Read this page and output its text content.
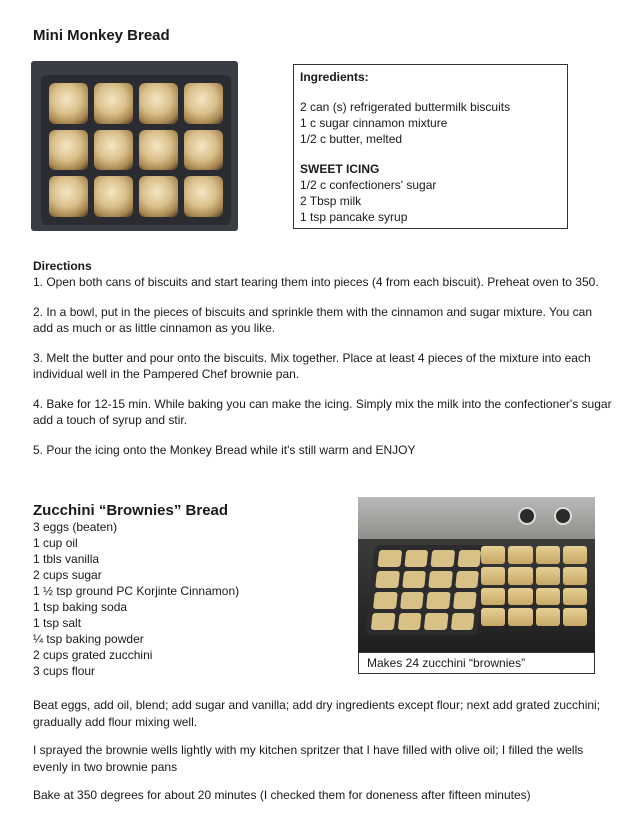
Mini Monkey Bread
Ingredients:
2 can (s) refrigerated buttermilk biscuits
1 c sugar cinnamon mixture
1/2 c butter, melted
SWEET ICING
1/2 c confectioners' sugar
2 Tbsp milk
1 tsp pancake syrup
Directions

1. Open both cans of biscuits and start tearing them into pieces (4 from each biscuit). Preheat oven to 350.

2. In a bowl, put in the pieces of biscuits and sprinkle them with the cinnamon and sugar mixture. You can add as much or as little cinnamon as you like.

3. Melt the butter and pour onto the biscuits. Mix together. Place at least 4 pieces of the mixture into each individual well in the Pampered Chef brownie pan.

4. Bake for 12-15 min. While baking you can make the icing. Simply mix the milk into the confectioner's sugar add a touch of syrup and stir.

5. Pour the icing onto the Monkey Bread while it's still warm and ENJOY

Zucchini “Brownies” Bread
3 eggs (beaten)
1 cup oil
1 tbls vanilla
2 cups sugar
1 ½ tsp ground PC Korjinte Cinnamon)
1 tsp baking soda
1 tsp salt
¼ tsp baking powder
2 cups grated zucchini
3 cups flour
Makes 24 zucchini “brownies”

Beat eggs, add oil, blend; add sugar and vanilla; add dry ingredients except flour; next add grated zucchini; gradually add flour mixing well.

I sprayed the brownie wells lightly with my kitchen spritzer that I have filled with olive oil; I filled the wells evenly in two brownie pans

Bake at 350 degrees for about 20 minutes (I checked them for doneness after fifteen minutes)
